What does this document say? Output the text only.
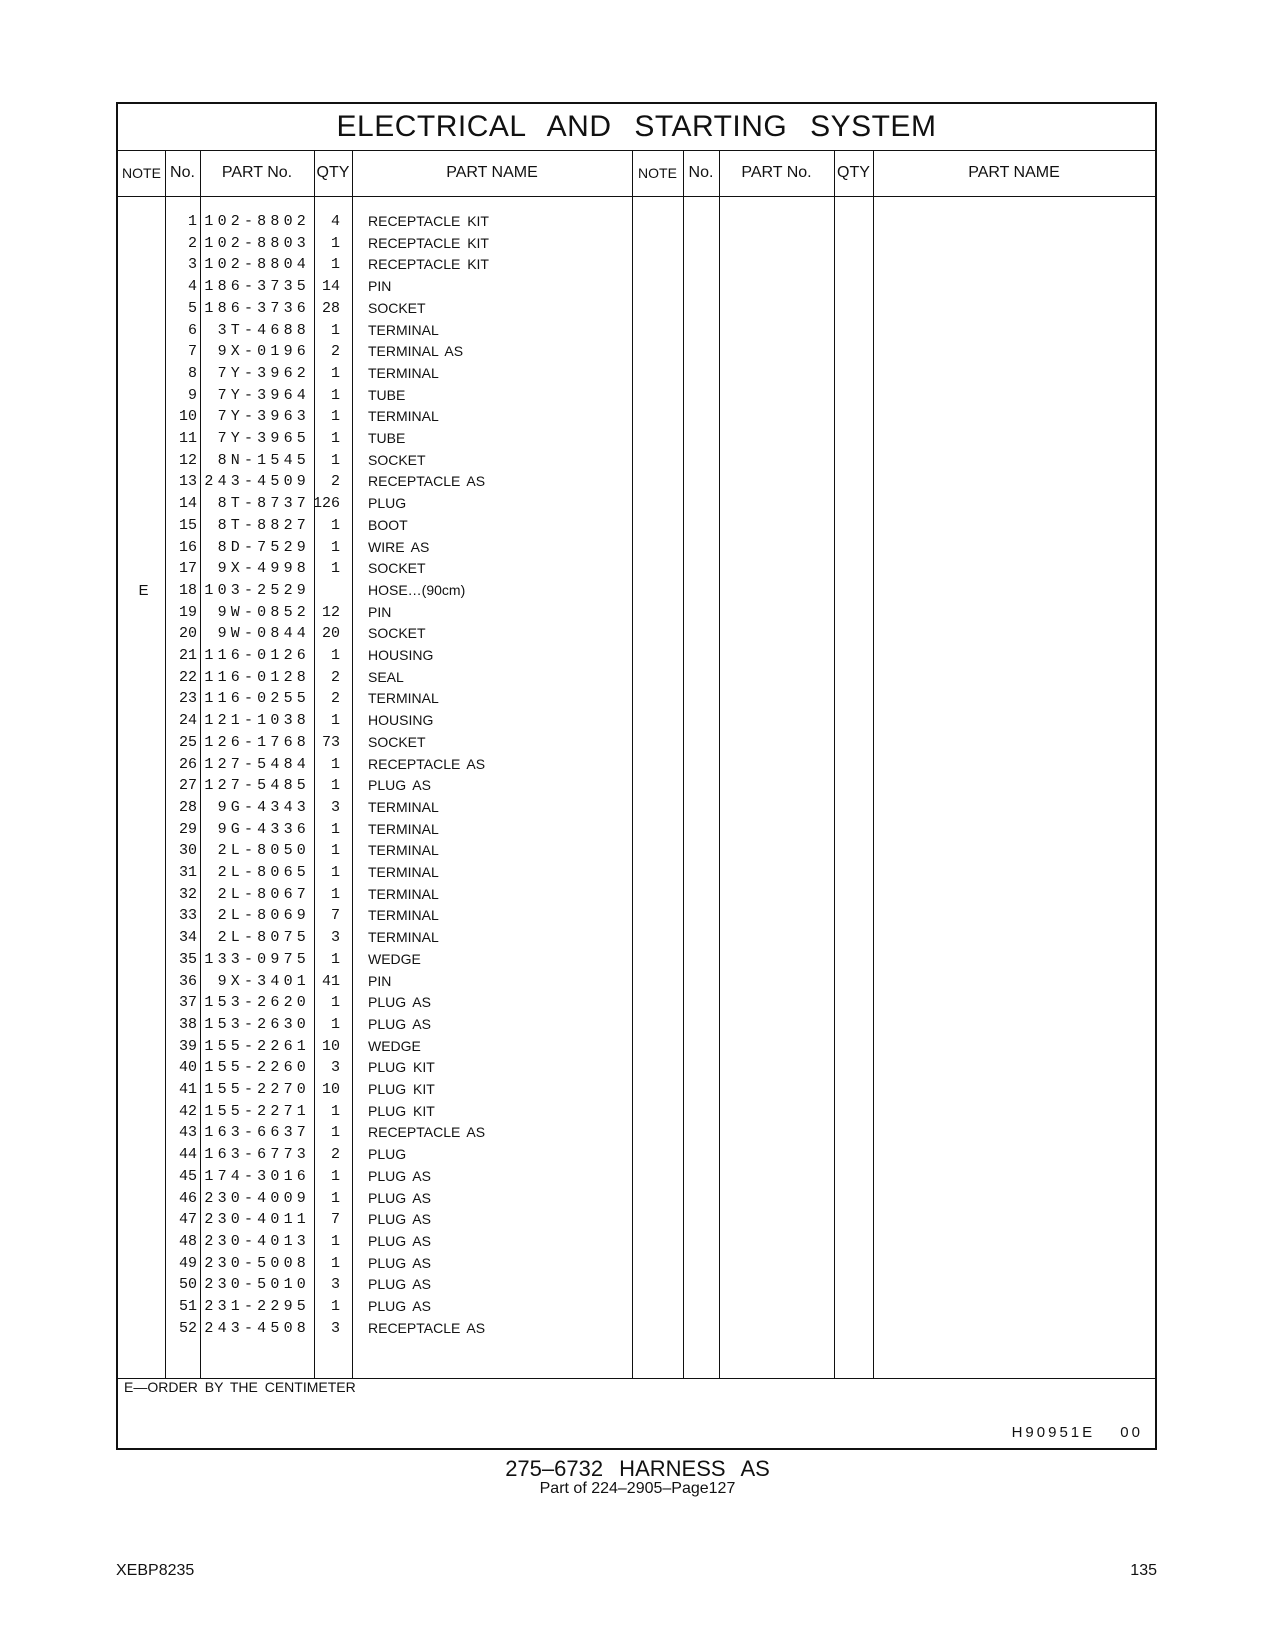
ELECTRICAL AND STARTING SYSTEM
NOTE No.	PART No.	QTY	PART NAME	NOTE No.	PART No.	QTY	PART NAME
1 102-8802	4 RECEPTACLE KIT
2 102-8803	1 RECEPTACLE KIT
3 102-8804	1 RECEPTACLE KIT
4 186-3735 14 PIN
5 186-3736 28 SOCKET
6	3T-4688	1 TERMINAL
7	9X-0196	2 TERMINAL AS
8	7Y-3962	1 TERMINAL
9	7Y-3964	1 TUBE
10	7Y-3963	1 TERMINAL
11	7Y-3965	1 TUBE
12	8N-1545	1 SOCKET
13 243-4509	2 RECEPTACLE AS
14	8T-8737 126 PLUG
15	8T-8827	1 BOOT
16	8D-7529	1 WIRE AS
17	9X-4998	1 SOCKET
E	18 103-2529	HOSE…(90cm)
19	9W-0852 12 PIN
20	9W-0844 20 SOCKET
21 116-0126	1 HOUSING
22 116-0128	2 SEAL
23 116-0255	2 TERMINAL
24 121-1038	1 HOUSING
25 126-1768 73 SOCKET
26 127-5484	1 RECEPTACLE AS
27 127-5485	1 PLUG AS
28	9G-4343	3 TERMINAL
29	9G-4336	1 TERMINAL
30	2L-8050	1 TERMINAL
31	2L-8065	1 TERMINAL
32	2L-8067	1 TERMINAL
33	2L-8069	7 TERMINAL
34	2L-8075	3 TERMINAL
35 133-0975	1 WEDGE
36	9X-3401 41 PIN
37 153-2620	1 PLUG AS
38 153-2630	1 PLUG AS
39 155-2261 10 WEDGE
40 155-2260	3 PLUG KIT
41 155-2270 10 PLUG KIT
42 155-2271	1 PLUG KIT
43 163-6637	1 RECEPTACLE AS
44 163-6773	2 PLUG
45 174-3016	1 PLUG AS
46 230-4009	1 PLUG AS
47 230-4011	7 PLUG AS
48 230-4013	1 PLUG AS
49 230-5008	1 PLUG AS
50 230-5010	3 PLUG AS
51 231-2295	1 PLUG AS
52 243-4508	3 RECEPTACLE AS
E—ORDER BY THE CENTIMETER
H90951E 00
275–6732 HARNESS AS
Part of 224–2905–Page127
XEBP8235	135
